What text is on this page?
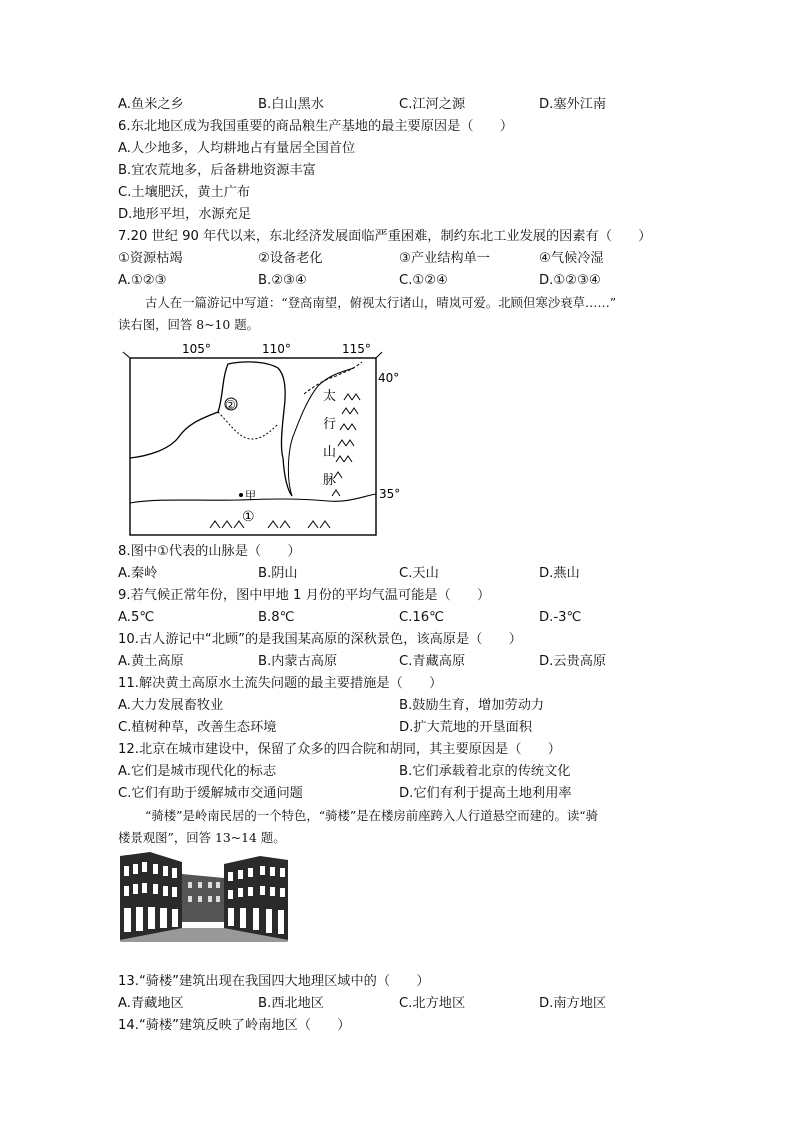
A.鱼米之乡	B.白山黑水	C.江河之源	D.塞外江南
6.东北地区成为我国重要的商品粮生产基地的最主要原因是（　　）
A.人少地多，人均耕地占有量居全国首位
B.宜农荒地多，后备耕地资源丰富
C.土壤肥沃，黄土广布
D.地形平坦，水源充足
7.20 世纪 90 年代以来，东北经济发展面临严重困难，制约东北工业发展的因素有（　　）
①资源枯竭	②设备老化	③产业结构单一	④气候冷湿
A.①②③	B.②③④	C.①②④	D.①②③④
古人在一篇游记中写道：“登高南望，俯视太行诸山，晴岚可爱。北顾但寒沙衰草……”
读右图，回答 8~10 题。
105°	110°	115°
40°
35°
②
①
甲
太
行
山
脉
8.图中①代表的山脉是（　　）
A.秦岭	B.阴山	C.天山	D.燕山
9.若气候正常年份，图中甲地 1 月份的平均气温可能是（　　）
A.5℃	B.8℃	C.16℃	D.-3℃
10.古人游记中“北顾”的是我国某高原的深秋景色，该高原是（　　）
A.黄土高原	B.内蒙古高原	C.青藏高原	D.云贵高原
11.解决黄土高原水土流失问题的最主要措施是（　　）
A.大力发展畜牧业	B.鼓励生育，增加劳动力
C.植树种草，改善生态环境	D.扩大荒地的开垦面积
12.北京在城市建设中，保留了众多的四合院和胡同，其主要原因是（　　）
A.它们是城市现代化的标志	B.它们承载着北京的传统文化
C.它们有助于缓解城市交通问题	D.它们有利于提高土地利用率
“骑楼”是岭南民居的一个特色，“骑楼”是在楼房前座跨入人行道悬空而建的。读“骑
楼景观图”，回答 13~14 题。
13.“骑楼”建筑出现在我国四大地理区域中的（　　）
A.青藏地区	B.西北地区	C.北方地区	D.南方地区
14.“骑楼”建筑反映了岭南地区（　　）
